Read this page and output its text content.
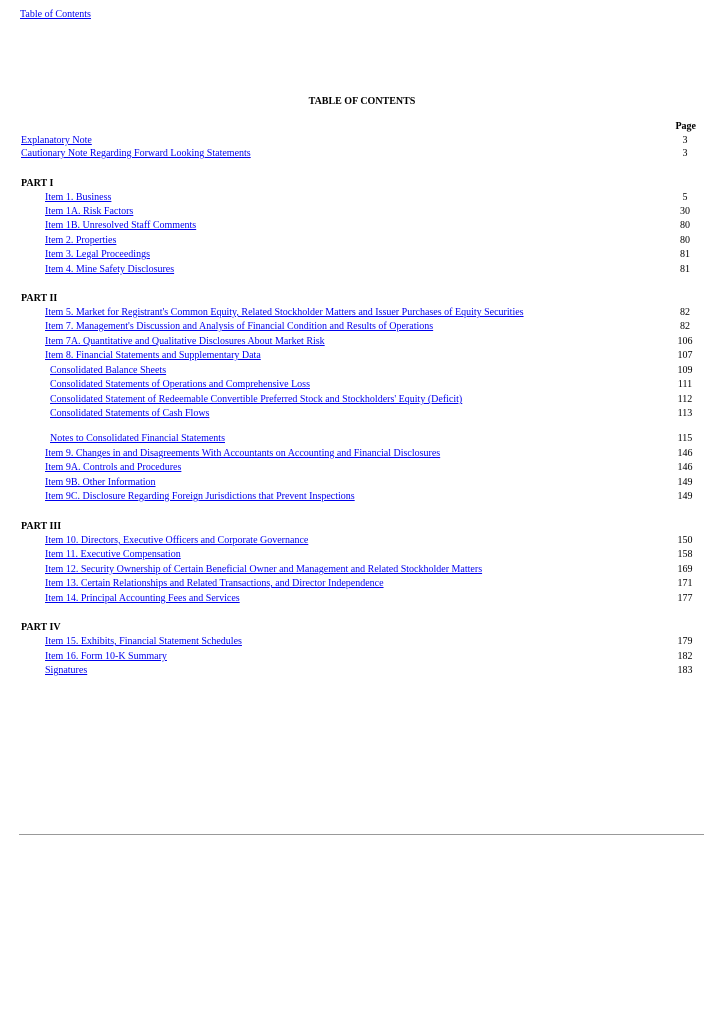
Table of Contents
TABLE OF CONTENTS
Page
Explanatory Note	3
Cautionary Note Regarding Forward Looking Statements	3
PART I
Item 1. Business	5
Item 1A. Risk Factors	30
Item 1B. Unresolved Staff Comments	80
Item 2. Properties	80
Item 3. Legal Proceedings	81
Item 4. Mine Safety Disclosures	81
PART II
Item 5. Market for Registrant's Common Equity, Related Stockholder Matters and Issuer Purchases of Equity Securities	82
Item 7. Management's Discussion and Analysis of Financial Condition and Results of Operations	82
Item 7A. Quantitative and Qualitative Disclosures About Market Risk	106
Item 8. Financial Statements and Supplementary Data	107
Consolidated Balance Sheets	109
Consolidated Statements of Operations and Comprehensive Loss	111
Consolidated Statement of Redeemable Convertible Preferred Stock and Stockholders' Equity (Deficit)	112
Consolidated Statements of Cash Flows	113
Notes to Consolidated Financial Statements	115
Item 9. Changes in and Disagreements With Accountants on Accounting and Financial Disclosures	146
Item 9A. Controls and Procedures	146
Item 9B. Other Information	149
Item 9C. Disclosure Regarding Foreign Jurisdictions that Prevent Inspections	149
PART III
Item 10. Directors, Executive Officers and Corporate Governance	150
Item 11. Executive Compensation	158
Item 12. Security Ownership of Certain Beneficial Owner and Management and Related Stockholder Matters	169
Item 13. Certain Relationships and Related Transactions, and Director Independence	171
Item 14. Principal Accounting Fees and Services	177
PART IV
Item 15. Exhibits, Financial Statement Schedules	179
Item 16. Form 10-K Summary	182
Signatures	183
